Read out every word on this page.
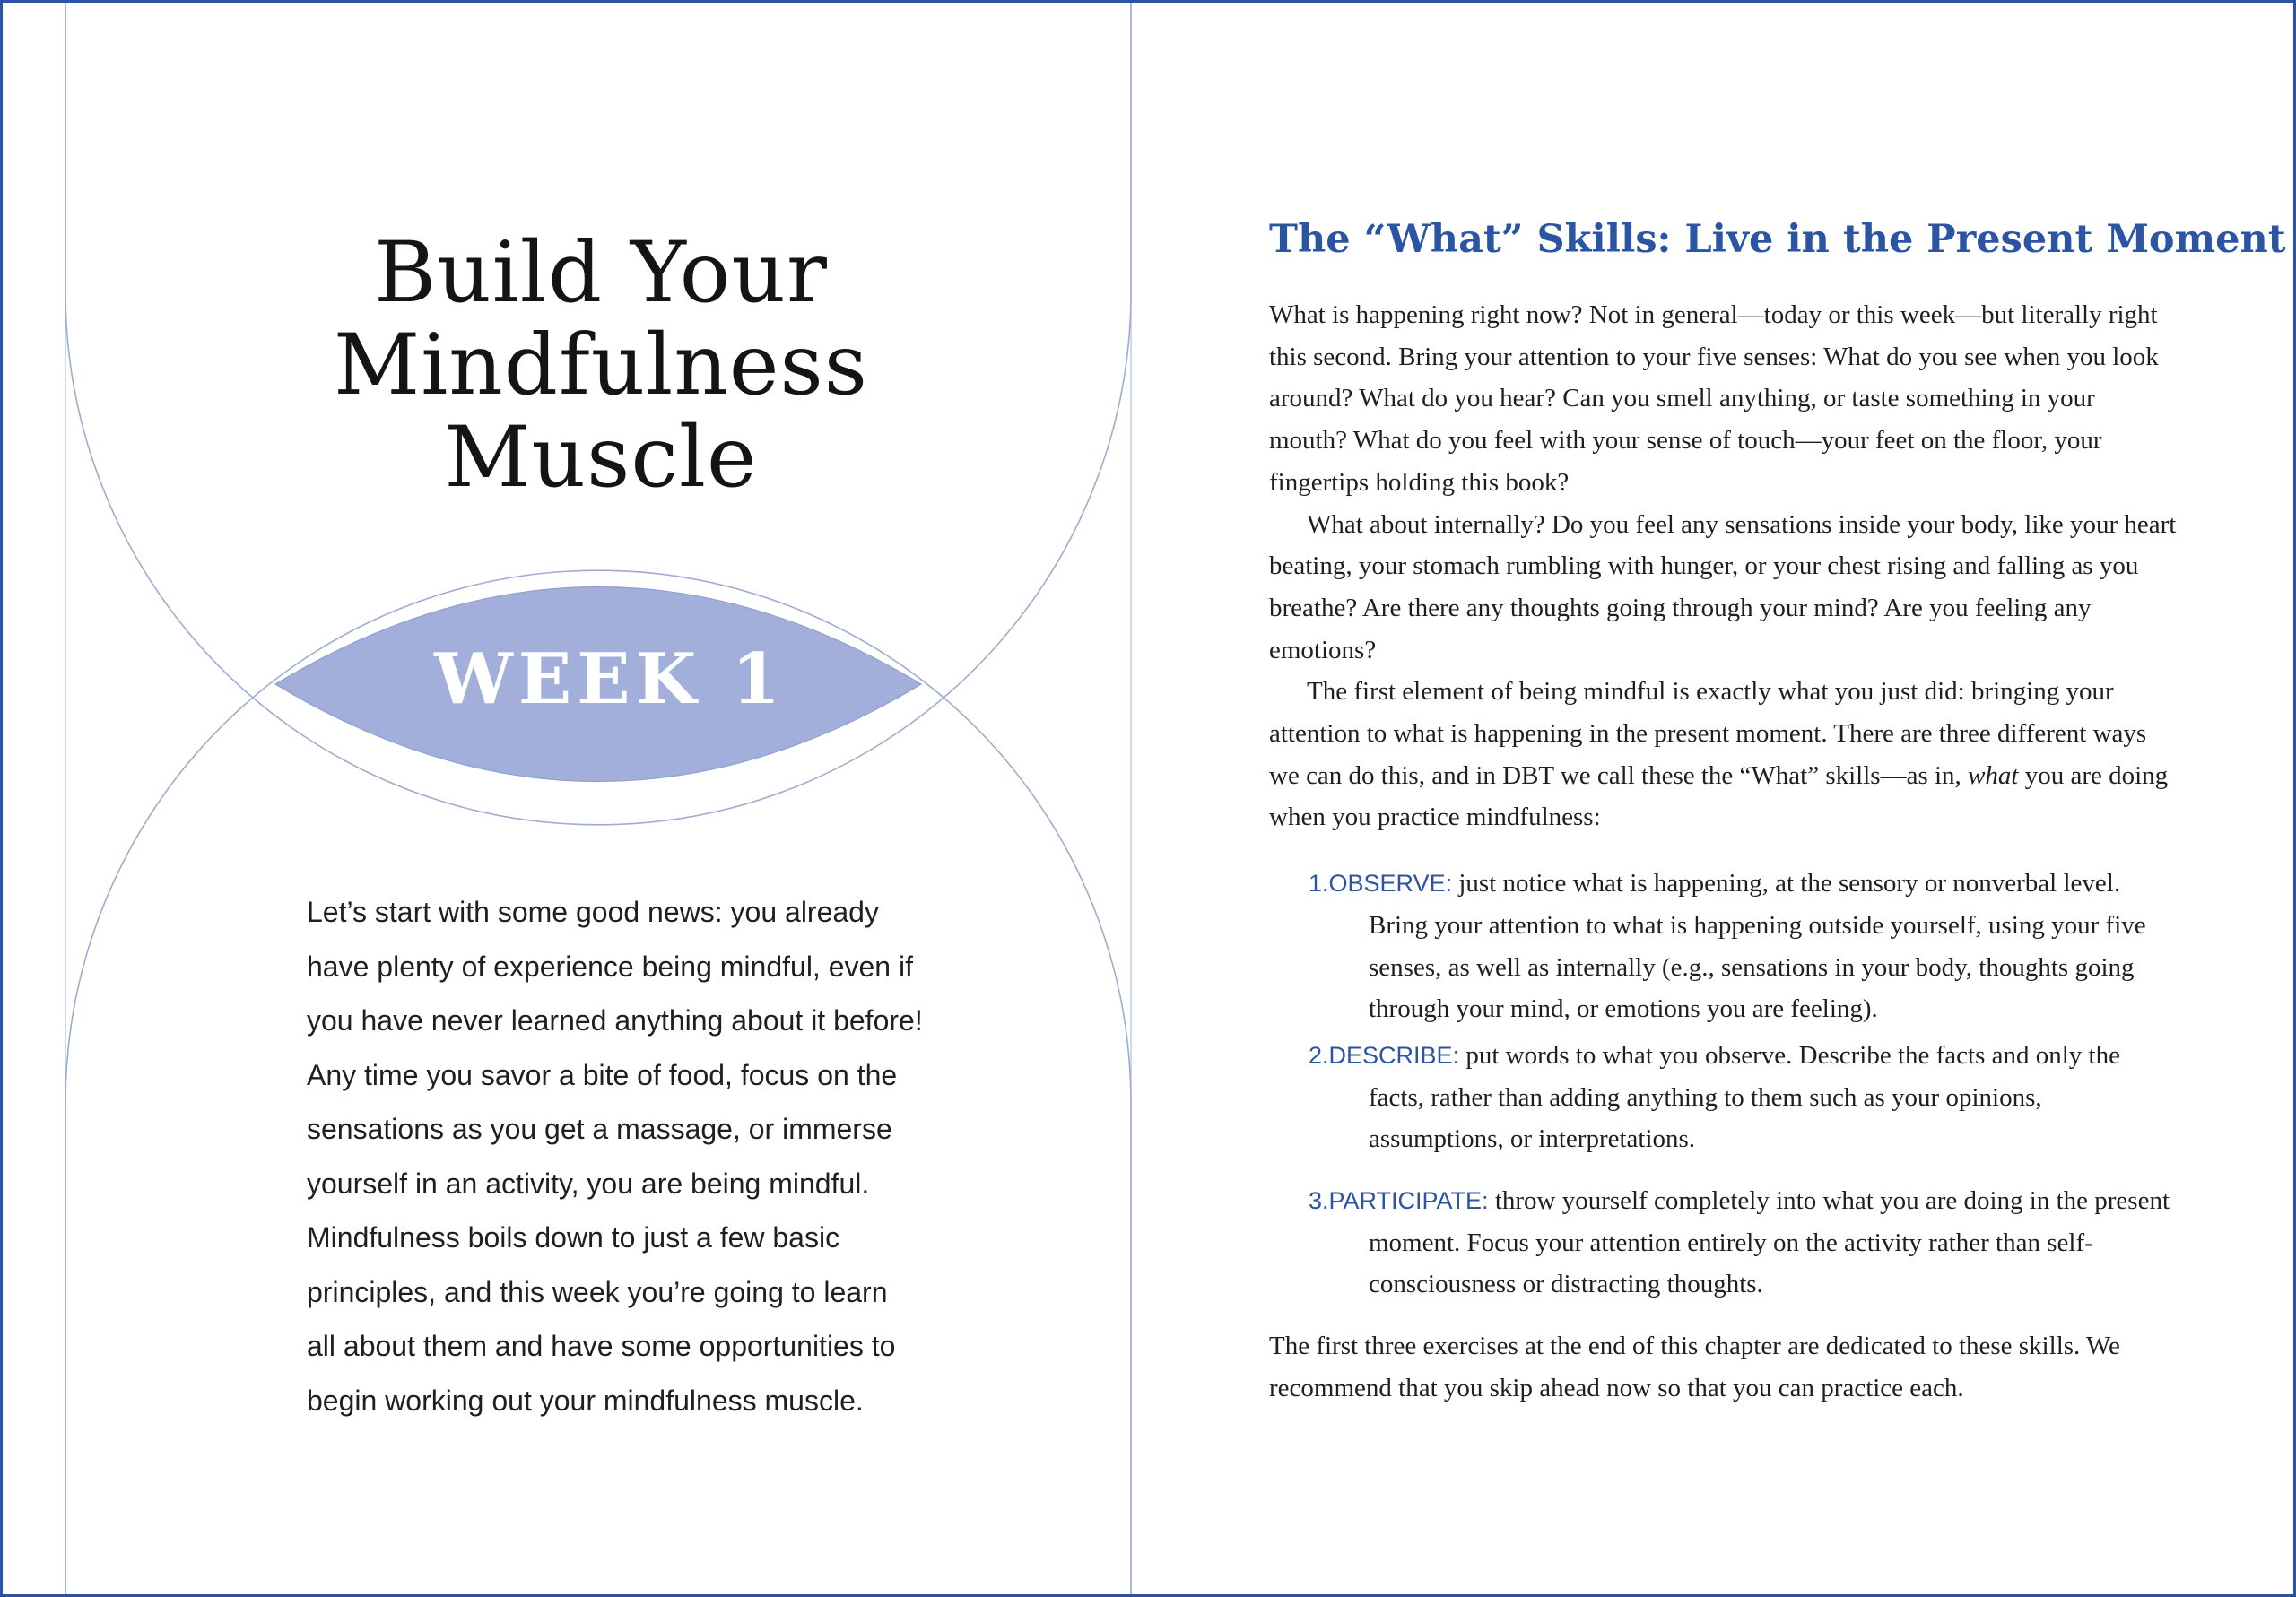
Build Your
Mindfulness
Muscle
WEEK 1

Let’s start with some good news: you already
have plenty of experience being mindful, even if
you have never learned anything about it before!
Any time you savor a bite of food, focus on the
sensations as you get a massage, or immerse
yourself in an activity, you are being mindful.
Mindfulness boils down to just a few basic
principles, and this week you’re going to learn
all about them and have some opportunities to
begin working out your mindfulness muscle.

The “What” Skills: Live in the Present Moment

What is happening right now? Not in general—today or this week—but literally right this second. Bring your attention to your five senses: What do you see when you look around? What do you hear? Can you smell anything, or taste something in your mouth? What do you feel with your sense of touch—your feet on the floor, your fingertips holding this book?

What about internally? Do you feel any sensations inside your body, like your heart beating, your stomach rumbling with hunger, or your chest rising and falling as you breathe? Are there any thoughts going through your mind? Are you feeling any emotions?

The first element of being mindful is exactly what you just did: bringing your attention to what is happening in the present moment. There are three different ways we can do this, and in DBT we call these the “What” skills—as in, what you are doing when you practice mindfulness:

1.OBSERVE: just notice what is happening, at the sensory or nonverbal level. Bring your attention to what is happening outside yourself, using your five senses, as well as internally (e.g., sensations in your body, thoughts going through your mind, or emotions you are feeling).
2.DESCRIBE: put words to what you observe. Describe the facts and only the facts, rather than adding anything to them such as your opinions, assumptions, or interpretations.
3.PARTICIPATE: throw yourself completely into what you are doing in the present moment. Focus your attention entirely on the activity rather than self-consciousness or distracting thoughts.

The first three exercises at the end of this chapter are dedicated to these skills. We recommend that you skip ahead now so that you can practice each.
